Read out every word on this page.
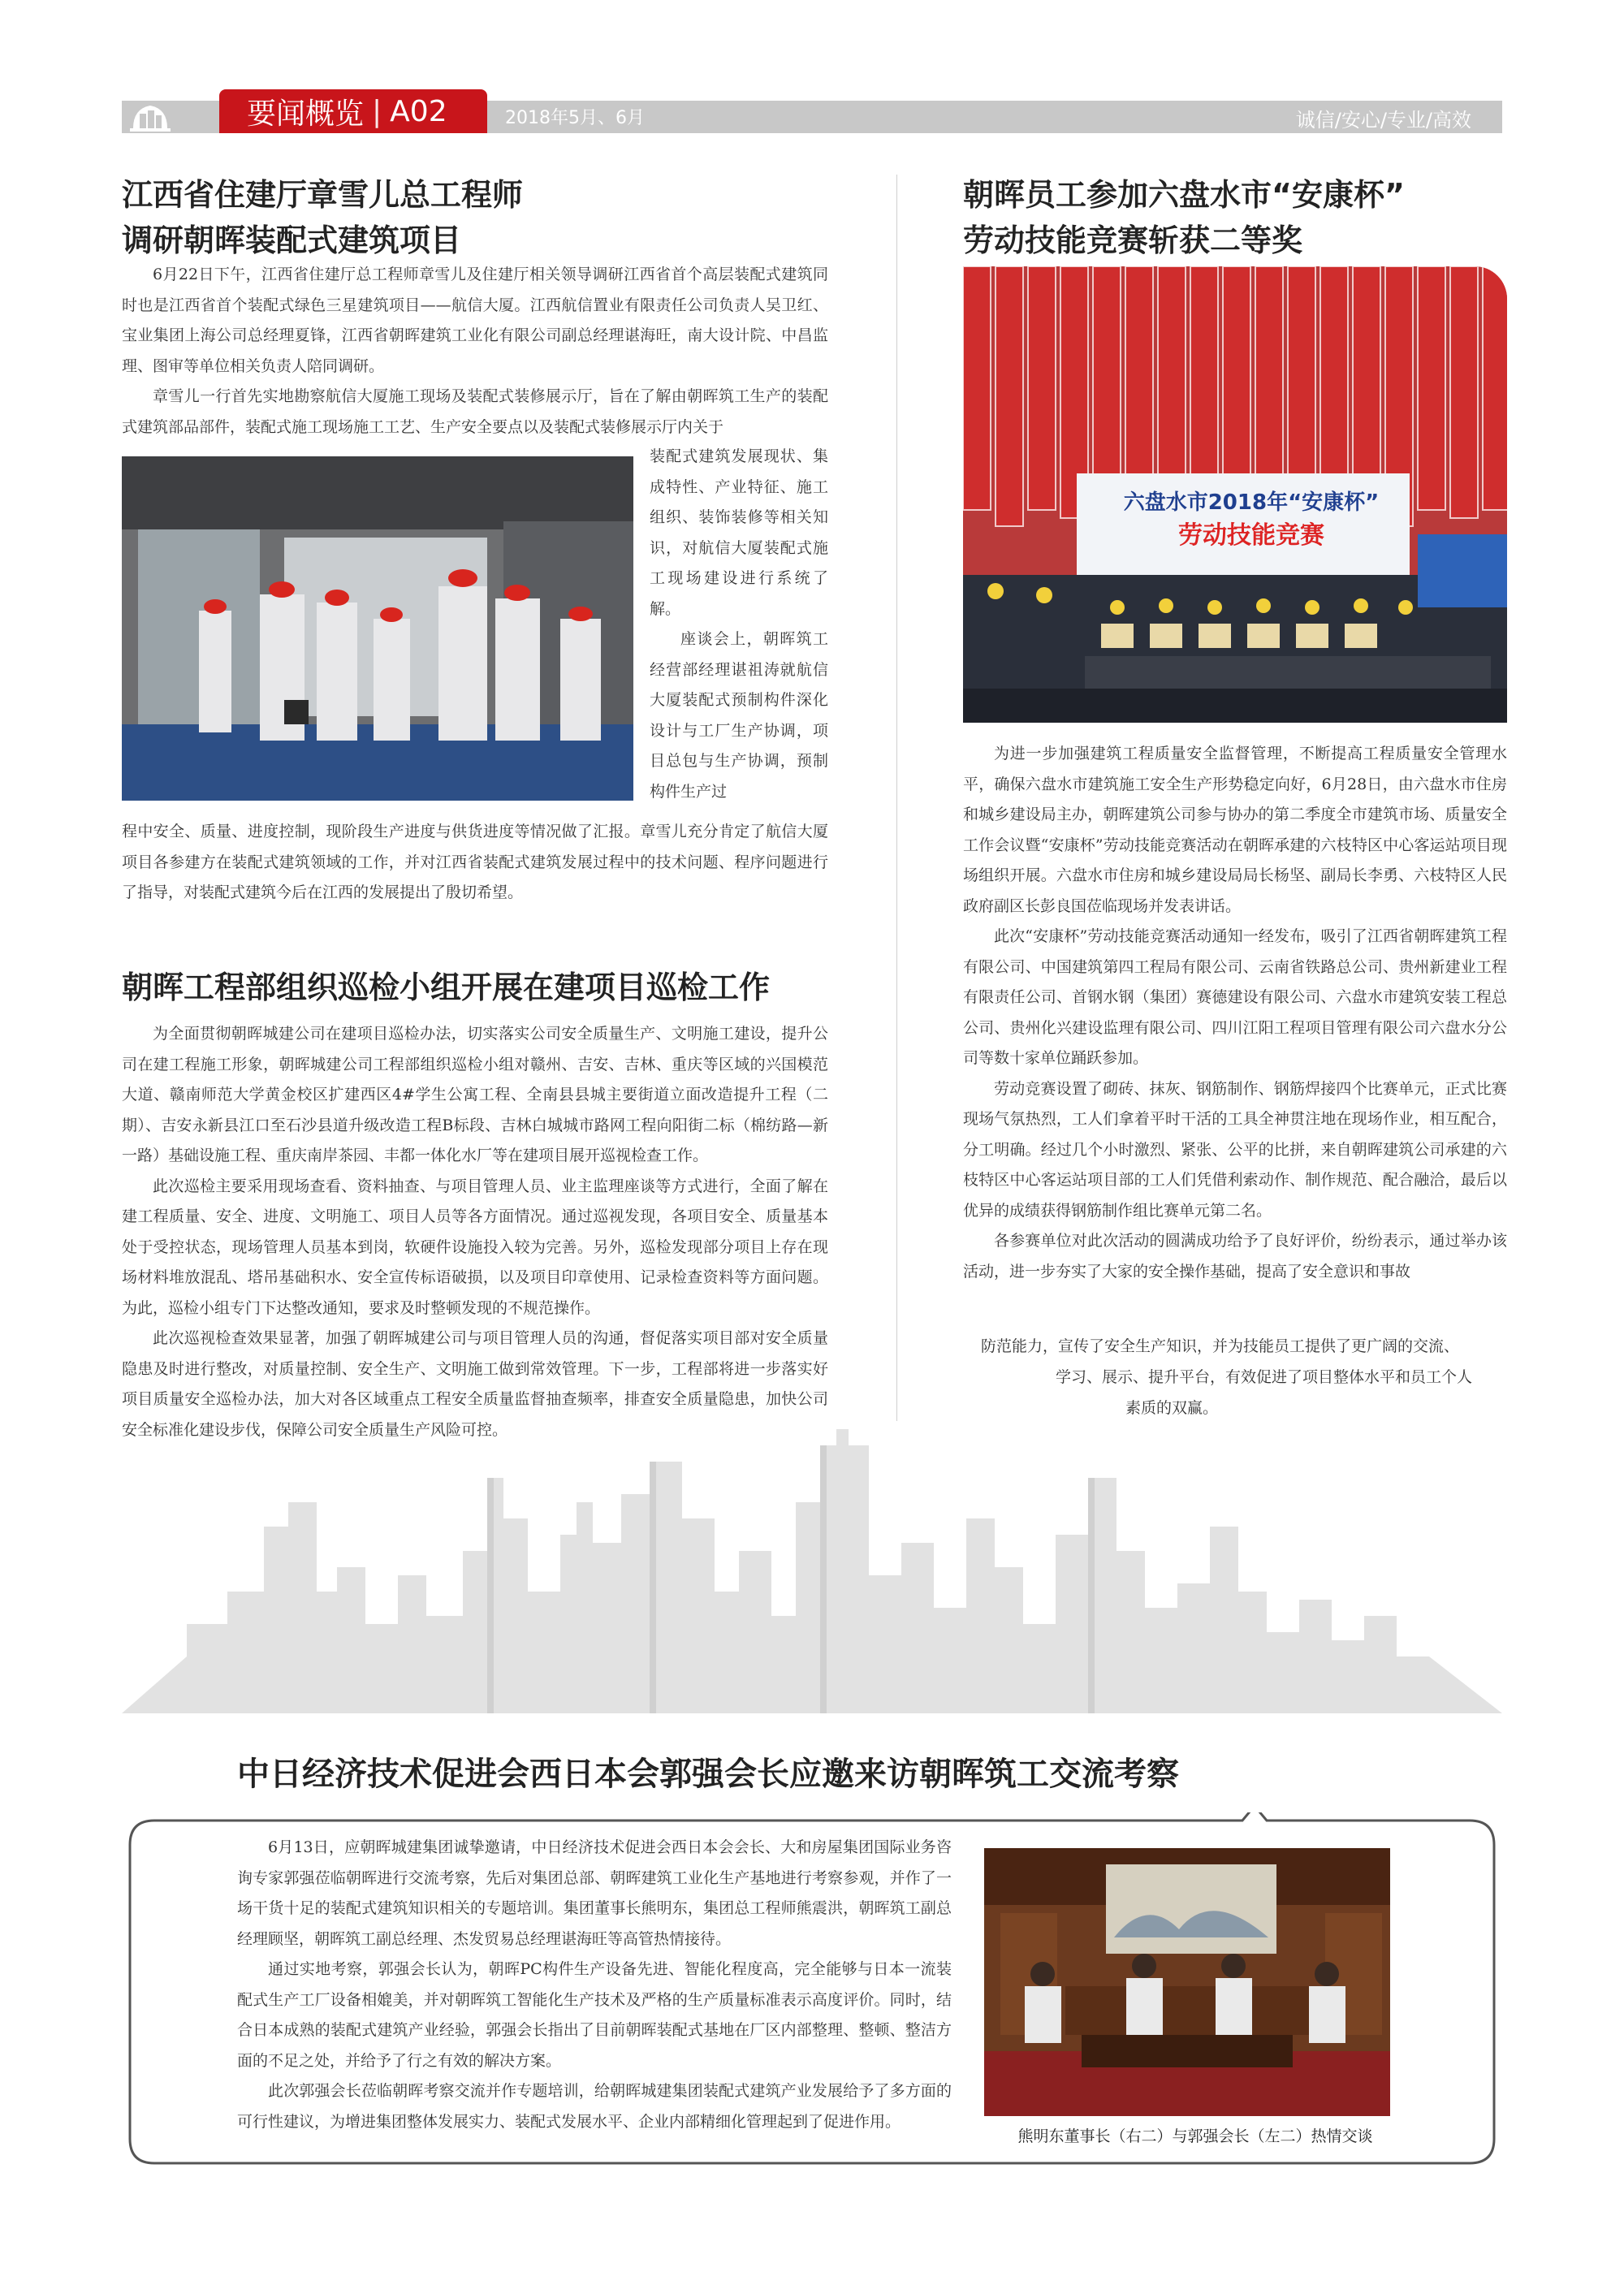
要闻概览 | A02	2018年5月、6月	诚信/安心/专业/高效
江西省住建厅章雪儿总工程师
调研朝晖装配式建筑项目

6月22日下午，江西省住建厅总工程师章雪儿及住建厅相关领导调研江西省首个高层装配式建筑同时也是江西省首个装配式绿色三星建筑项目——航信大厦。江西航信置业有限责任公司负责人吴卫红、宝业集团上海公司总经理夏锋，江西省朝晖建筑工业化有限公司副总经理谌海旺，南大设计院、中昌监理、图审等单位相关负责人陪同调研。

章雪儿一行首先实地勘察航信大厦施工现场及装配式装修展示厅，旨在了解由朝晖筑工生产的装配式建筑部品部件，装配式施工现场施工工艺、生产安全要点以及装配式装修展示厅内关于

装配式建筑发展现状、集成特性、产业特征、施工组织、装饰装修等相关知识，对航信大厦装配式施工现场建设进行系统了解。

座谈会上，朝晖筑工经营部经理谌祖涛就航信大厦装配式预制构件深化设计与工厂生产协调，项目总包与生产协调，预制构件生产过

程中安全、质量、进度控制，现阶段生产进度与供货进度等情况做了汇报。章雪儿充分肯定了航信大厦项目各参建方在装配式建筑领域的工作，并对江西省装配式建筑发展过程中的技术问题、程序问题进行了指导，对装配式建筑今后在江西的发展提出了殷切希望。

朝晖工程部组织巡检小组开展在建项目巡检工作

为全面贯彻朝晖城建公司在建项目巡检办法，切实落实公司安全质量生产、文明施工建设，提升公司在建工程施工形象，朝晖城建公司工程部组织巡检小组对赣州、吉安、吉林、重庆等区域的兴国模范大道、赣南师范大学黄金校区扩建西区4#学生公寓工程、全南县县城主要街道立面改造提升工程（二期）、吉安永新县江口至石沙县道升级改造工程B标段、吉林白城城市路网工程向阳街二标（棉纺路—新一路）基础设施工程、重庆南岸茶园、丰都一体化水厂等在建项目展开巡视检查工作。

此次巡检主要采用现场查看、资料抽查、与项目管理人员、业主监理座谈等方式进行，全面了解在建工程质量、安全、进度、文明施工、项目人员等各方面情况。通过巡视发现，各项目安全、质量基本处于受控状态，现场管理人员基本到岗，软硬件设施投入较为完善。另外，巡检发现部分项目上存在现场材料堆放混乱、塔吊基础积水、安全宣传标语破损，以及项目印章使用、记录检查资料等方面问题。为此，巡检小组专门下达整改通知，要求及时整顿发现的不规范操作。

此次巡视检查效果显著，加强了朝晖城建公司与项目管理人员的沟通，督促落实项目部对安全质量隐患及时进行整改，对质量控制、安全生产、文明施工做到常效管理。下一步，工程部将进一步落实好项目质量安全巡检办法，加大对各区域重点工程安全质量监督抽查频率，排查安全质量隐患，加快公司安全标准化建设步伐，保障公司安全质量生产风险可控。

朝晖员工参加六盘水市“安康杯”
劳动技能竞赛斩获二等奖
六盘水市2018年“安康杯”
劳动技能竞赛

为进一步加强建筑工程质量安全监督管理，不断提高工程质量安全管理水平，确保六盘水市建筑施工安全生产形势稳定向好，6月28日，由六盘水市住房和城乡建设局主办，朝晖建筑公司参与协办的第二季度全市建筑市场、质量安全工作会议暨“安康杯”劳动技能竞赛活动在朝晖承建的六枝特区中心客运站项目现场组织开展。六盘水市住房和城乡建设局局长杨坚、副局长李勇、六枝特区人民政府副区长彭良国莅临现场并发表讲话。

此次“安康杯”劳动技能竞赛活动通知一经发布，吸引了江西省朝晖建筑工程有限公司、中国建筑第四工程局有限公司、云南省铁路总公司、贵州新建业工程有限责任公司、首钢水钢（集团）赛德建设有限公司、六盘水市建筑安装工程总公司、贵州化兴建设监理有限公司、四川江阳工程项目管理有限公司六盘水分公司等数十家单位踊跃参加。

劳动竞赛设置了砌砖、抹灰、钢筋制作、钢筋焊接四个比赛单元，正式比赛现场气氛热烈，工人们拿着平时干活的工具全神贯注地在现场作业，相互配合，分工明确。经过几个小时激烈、紧张、公平的比拼，来自朝晖建筑公司承建的六枝特区中心客运站项目部的工人们凭借利索动作、制作规范、配合融洽，最后以优异的成绩获得钢筋制作组比赛单元第二名。

各参赛单位对此次活动的圆满成功给予了良好评价，纷纷表示，通过举办该活动，进一步夯实了大家的安全操作基础，提高了安全意识和事故

防范能力，宣传了安全生产知识，并为技能员工提供了更广阔的交流、

学习、展示、提升平台，有效促进了项目整体水平和员工个人

素质的双赢。

中日经济技术促进会西日本会郭强会长应邀来访朝晖筑工交流考察

6月13日，应朝晖城建集团诚挚邀请，中日经济技术促进会西日本会会长、大和房屋集团国际业务咨询专家郭强莅临朝晖进行交流考察，先后对集团总部、朝晖建筑工业化生产基地进行考察参观，并作了一场干货十足的装配式建筑知识相关的专题培训。集团董事长熊明东，集团总工程师熊震洪，朝晖筑工副总经理顾坚，朝晖筑工副总经理、杰发贸易总经理谌海旺等高管热情接待。

通过实地考察，郭强会长认为，朝晖PC构件生产设备先进、智能化程度高，完全能够与日本一流装配式生产工厂设备相媲美，并对朝晖筑工智能化生产技术及严格的生产质量标准表示高度评价。同时，结合日本成熟的装配式建筑产业经验，郭强会长指出了目前朝晖装配式基地在厂区内部整理、整顿、整洁方面的不足之处，并给予了行之有效的解决方案。

此次郭强会长莅临朝晖考察交流并作专题培训，给朝晖城建集团装配式建筑产业发展给予了多方面的可行性建议，为增进集团整体发展实力、装配式发展水平、企业内部精细化管理起到了促进作用。

熊明东董事长（右二）与郭强会长（左二）热情交谈
